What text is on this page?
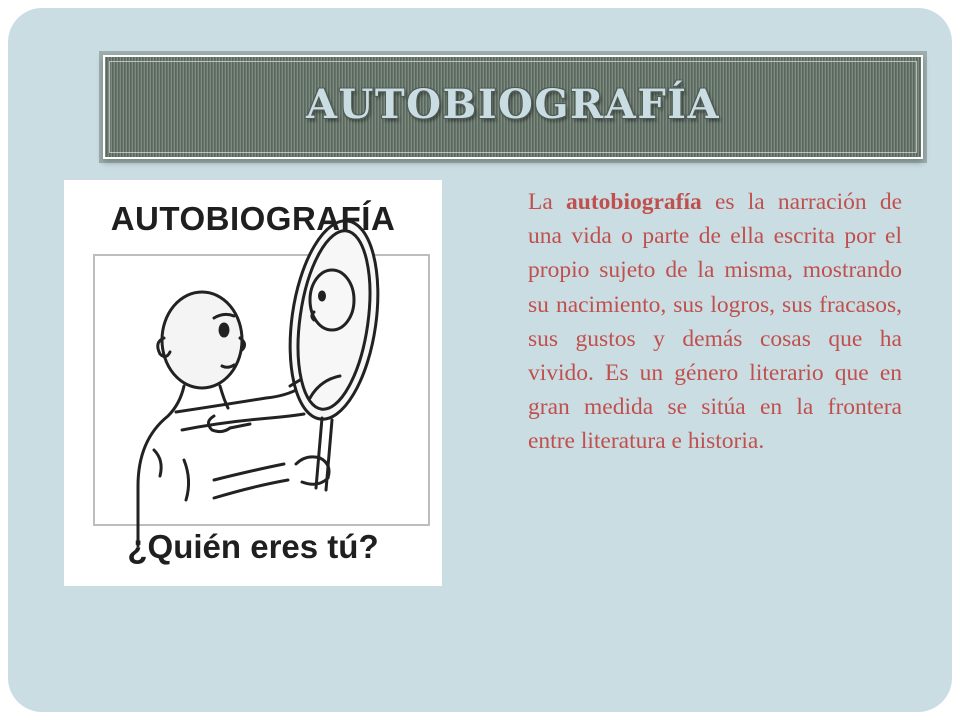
AUTOBIOGRAFÍA
AUTOBIOGRAFÍA
¿Quién eres tú?

La autobiografía es la narración de una vida o parte de ella escrita por el propio sujeto de la misma, mostrando su nacimiento, sus logros, sus fracasos, sus gustos y demás cosas que ha vivido. Es un género literario que en gran medida se sitúa en la frontera entre literatura e historia.
